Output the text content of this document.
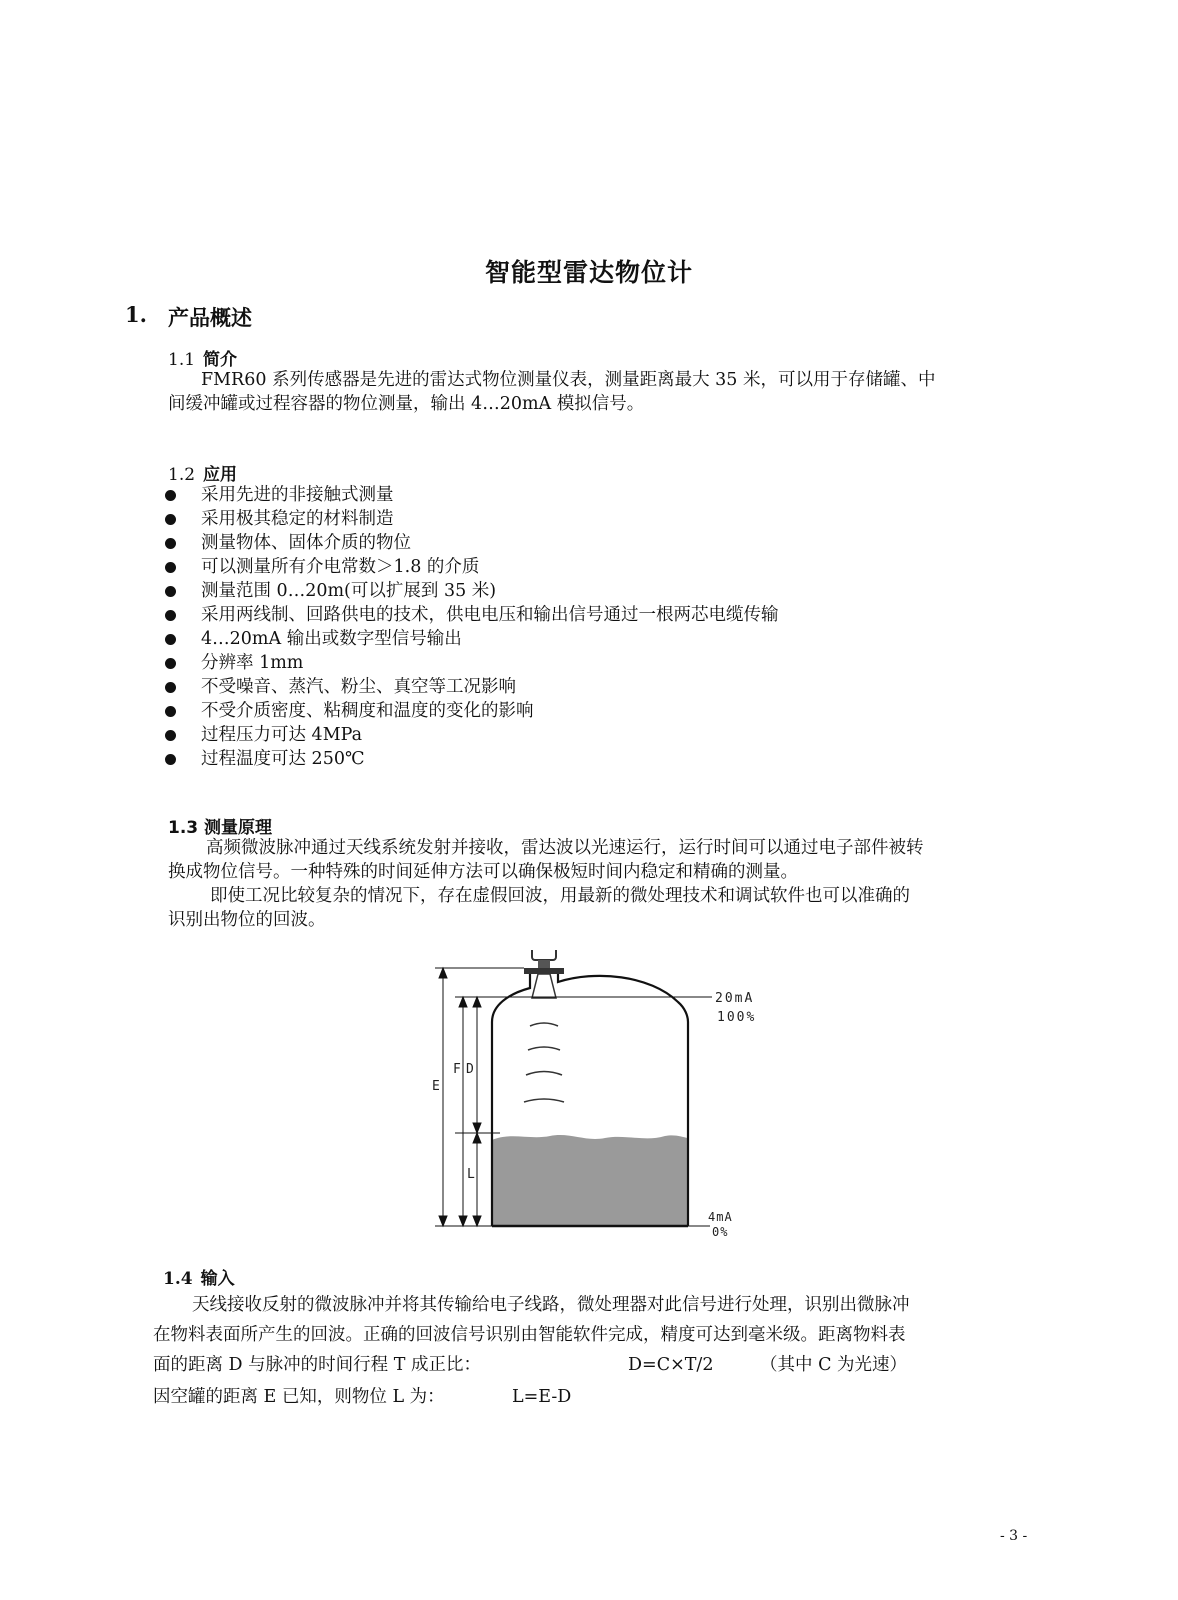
智能型雷达物位计
1. 产品概述
1.1 简介
FMR60 系列传感器是先进的雷达式物位测量仪表，测量距离最大 35 米，可以用于存储罐、中
间缓冲罐或过程容器的物位测量，输出 4…20mA 模拟信号。
1.2 应用
采用先进的非接触式测量
采用极其稳定的材料制造
测量物体、固体介质的物位
可以测量所有介电常数＞1.8 的介质
测量范围 0…20m(可以扩展到 35 米)
采用两线制、回路供电的技术，供电电压和输出信号通过一根两芯电缆传输
4…20mA 输出或数字型信号输出
分辨率 1mm
不受噪音、蒸汽、粉尘、真空等工况影响
不受介质密度、粘稠度和温度的变化的影响
过程压力可达 4MPa
过程温度可达 250℃
1.3 测量原理
高频微波脉冲通过天线系统发射并接收，雷达波以光速运行，运行时间可以通过电子部件被转
换成物位信号。一种特殊的时间延伸方法可以确保极短时间内稳定和精确的测量。
即使工况比较复杂的情况下，存在虚假回波，用最新的微处理技术和调试软件也可以准确的
识别出物位的回波。
E
F D
L
20mA
100%
4mA
0%
1.4 输入
天线接收反射的微波脉冲并将其传输给电子线路，微处理器对此信号进行处理，识别出微脉冲
在物料表面所产生的回波。正确的回波信号识别由智能软件完成，精度可达到毫米级。距离物料表
面的距离 D 与脉冲的时间行程 T 成正比：	D=C×T/2	（其中 C 为光速）
因空罐的距离 E 已知，则物位 L 为：	L=E-D
- 3 -
